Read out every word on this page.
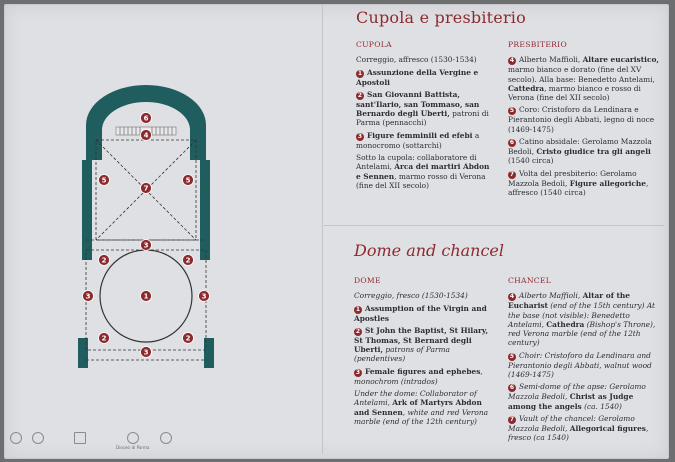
6
4
5
7
5
3
2	2
3	1	3
2	2
3
Cupola e presbiterio
CUPOLA
Correggio, affresco (1530-1534)

1 Assunzione della Vergine e Apostoli

2 San Giovanni Battista, sant'Ilario, san Tommaso, san Bernardo degli Uberti, patroni di Parma (pennacchi)

3 Figure femminili ed efebi a monocromo (sottarchi)

Sotto la cupola: collaboratore di Antelami, Arca dei martiri Abdon e Sennen, marmo rosso di Verona (fine del XII secolo)

PRESBITERIO

4 Alberto Maffioli, Altare eucaristico, marmo bianco e dorato (fine del XV secolo). Alla base: Benedetto Antelami, Cattedra, marmo bianco e rosso di Verona (fine del XII secolo)

5 Coro: Cristoforo da Lendinara e Pierantonio degli Abbati, legno di noce (1469-1475)

6 Catino absidale: Gerolamo Mazzola Bedoli, Cristo giudice tra gli angeli (1540 circa)

7 Volta del presbiterio: Gerolamo Mazzola Bedoli, Figure allegoriche, affresco (1540 circa)

Dome and chancel
DOME
Correggio, fresco (1530-1534)

1 Assumption of the Virgin and Apostles

2 St John the Baptist, St Hilary, St Thomas, St Bernard degli Uberti, patrons of Parma (pendentives)

3 Female figures and ephebes, monochrom (intrados)

Under the dome: Collaborator of Antelami, Ark of Martyrs Abdon and Sennen, white and red Verona marble (end of the 12th century)

CHANCEL

4 Alberto Maffioli, Altar of the Eucharist (end of the 15th century) At the base (not visible): Benedetto Antelami, Cathedra (Bishop's Throne), red Verona marble (end of the 12th century)

5 Choir: Cristoforo da Lendinara and Pierantonio degli Abbati, walnut wood (1469-1475)

6 Semi-dome of the apse: Gerolamo Mazzola Bedoli, Christ as Judge among the angels (ca. 1540)

7 Vault of the chancel: Gerolamo Mazzola Bedoli, Allegorical figures, fresco (ca 1540)

Diocesi di Parma
